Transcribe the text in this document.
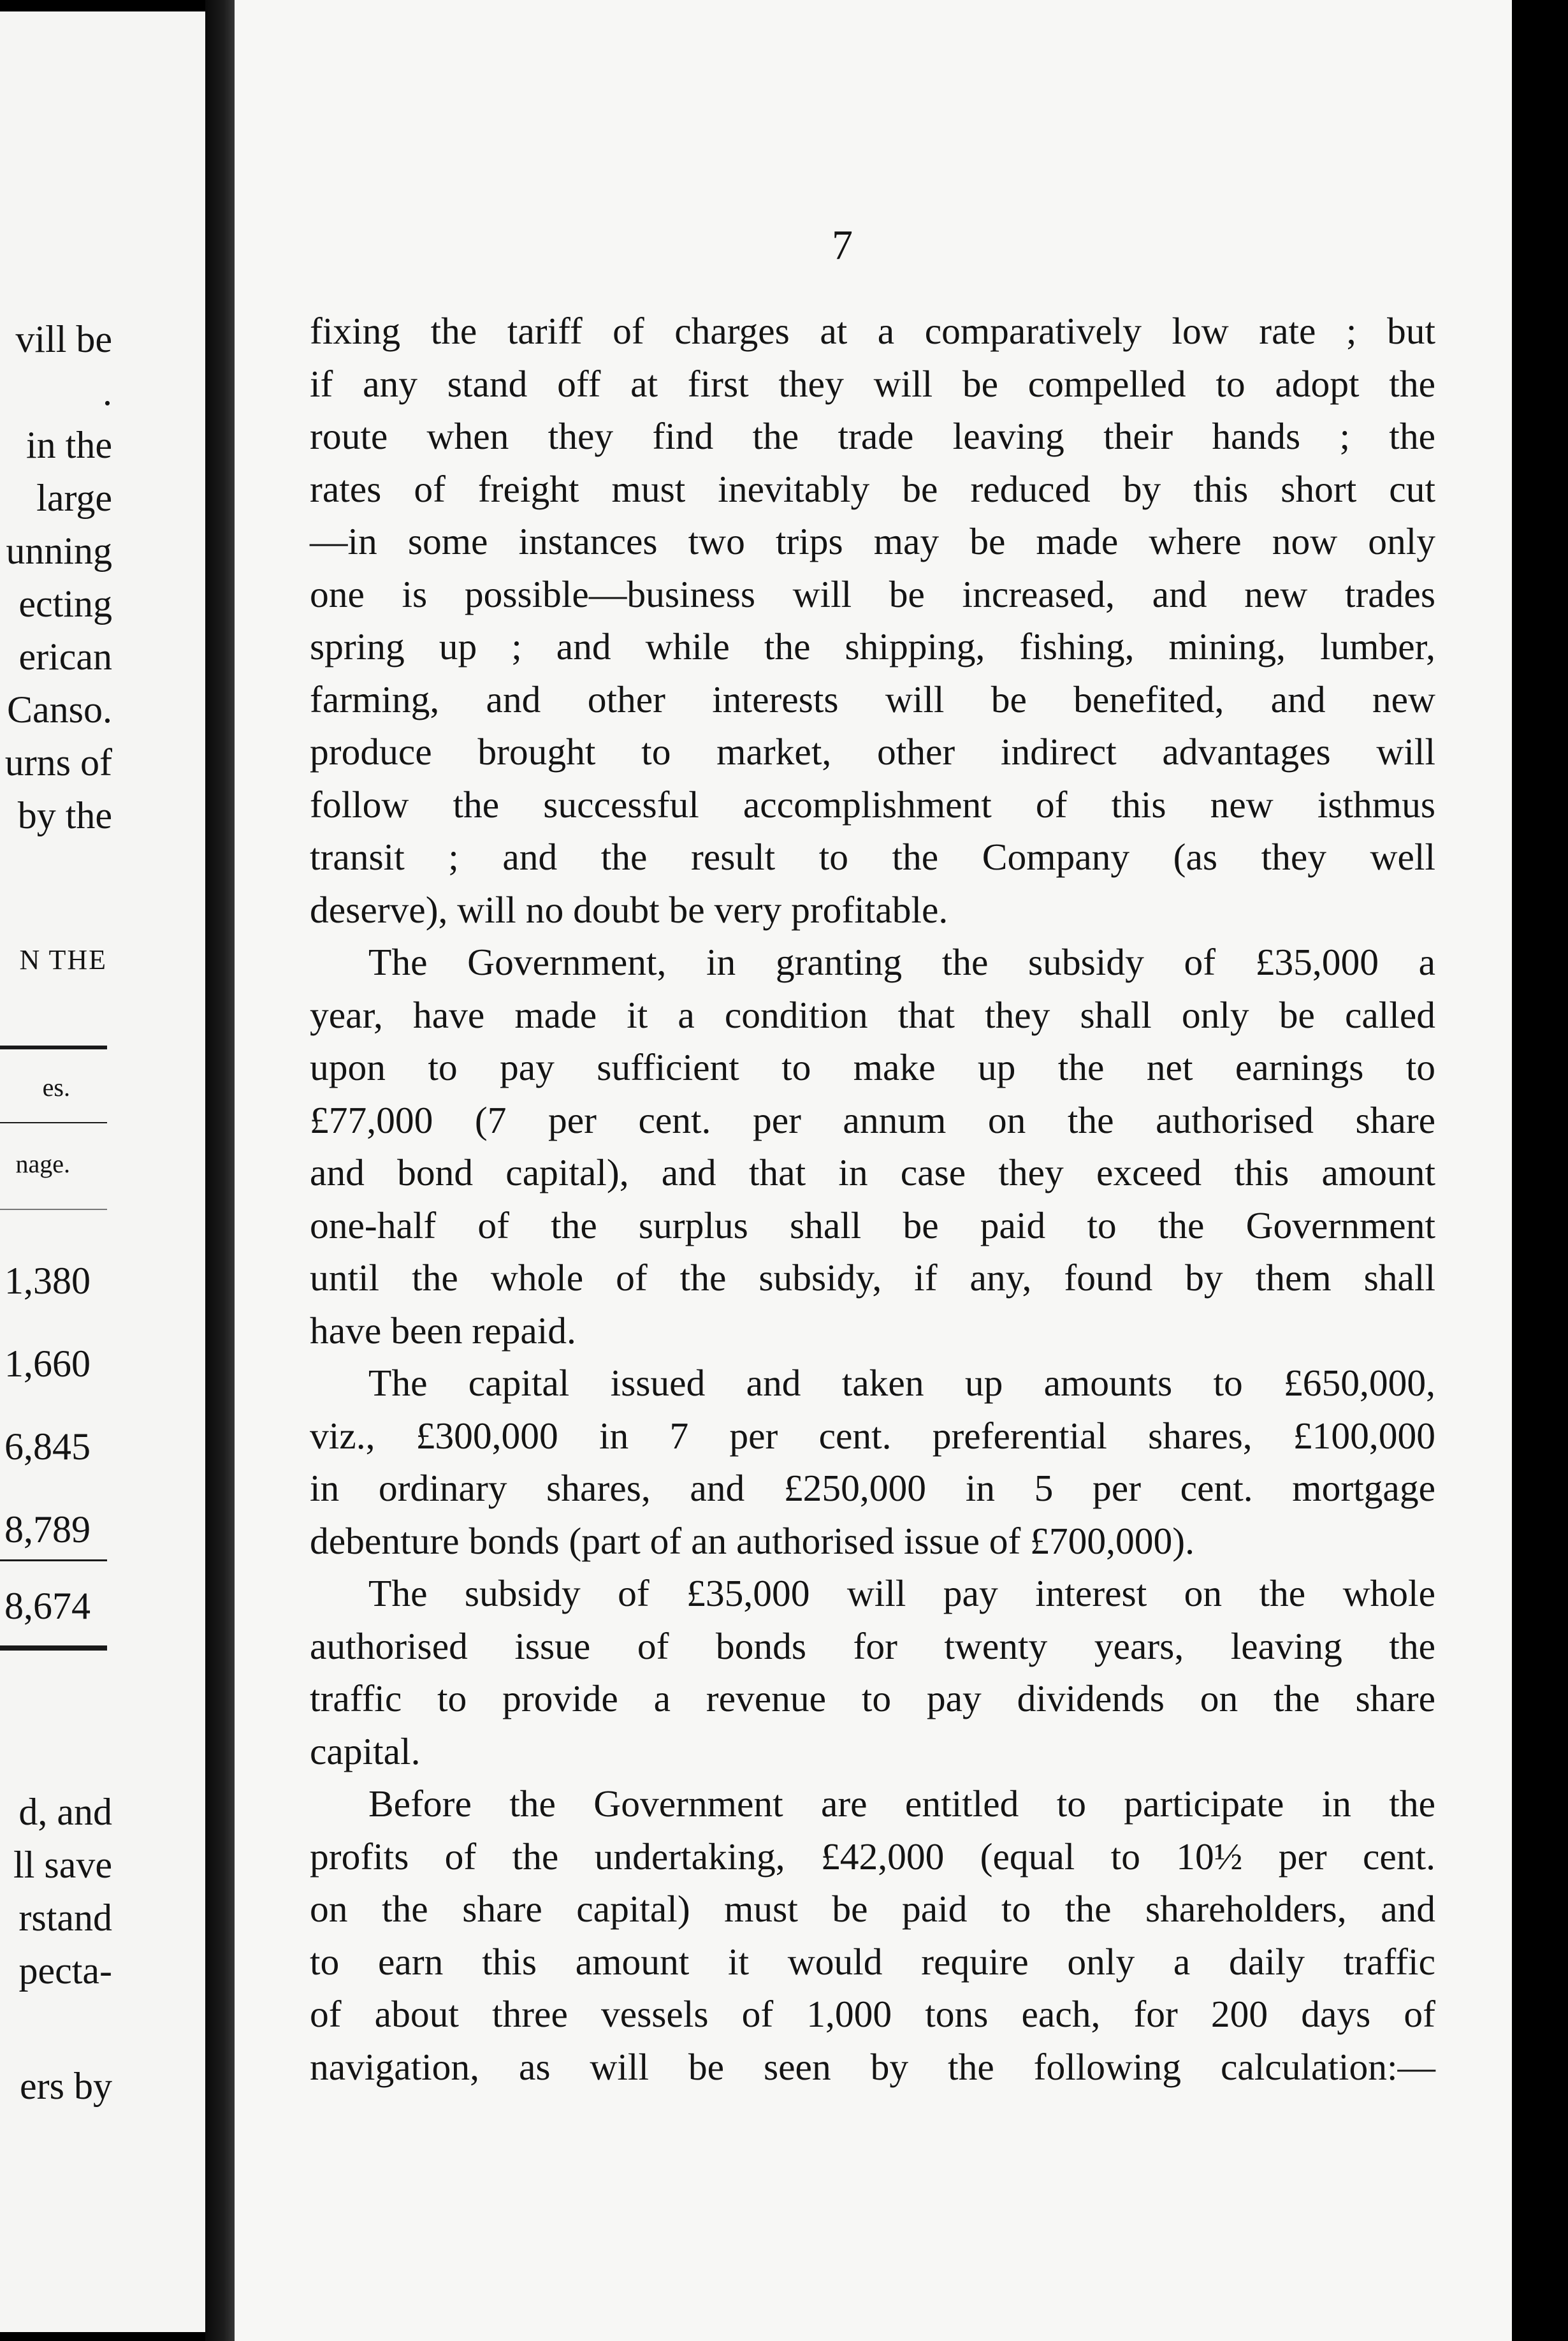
vill be
.
in the
large
unning
ecting
erican
Canso.
urns of
by the
N THE
es.
nage.
1,380
1,660
6,845
8,789
8,674
d, and
ll save
rstand
pecta-
ers by
7
fixing the tariff of charges at a comparatively low rate ; but
if any stand off at first they will be compelled to adopt the
route when they find the trade leaving their hands ; the
rates of freight must inevitably be reduced by this short cut
—in some instances two trips may be made where now only
one is possible—business will be increased, and new trades
spring up ; and while the shipping, fishing, mining, lumber,
farming, and other interests will be benefited, and new
produce brought to market, other indirect advantages will
follow the successful accomplishment of this new isthmus
transit ; and the result to the Company (as they well
deserve), will no doubt be very profitable.
The Government, in granting the subsidy of £35,000 a
year, have made it a condition that they shall only be called
upon to pay sufficient to make up the net earnings to
£77,000 (7 per cent. per annum on the authorised share
and bond capital), and that in case they exceed this amount
one-half of the surplus shall be paid to the Government
until the whole of the subsidy, if any, found by them shall
have been repaid.
The capital issued and taken up amounts to £650,000,
viz., £300,000 in 7 per cent. preferential shares, £100,000
in ordinary shares, and £250,000 in 5 per cent. mortgage
debenture bonds (part of an authorised issue of £700,000).
The subsidy of £35,000 will pay interest on the whole
authorised issue of bonds for twenty years, leaving the
traffic to provide a revenue to pay dividends on the share
capital.
Before the Government are entitled to participate in the
profits of the undertaking, £42,000 (equal to 10½ per cent.
on the share capital) must be paid to the shareholders, and
to earn this amount it would require only a daily traffic
of about three vessels of 1,000 tons each, for 200 days of
navigation, as will be seen by the following calculation:—
